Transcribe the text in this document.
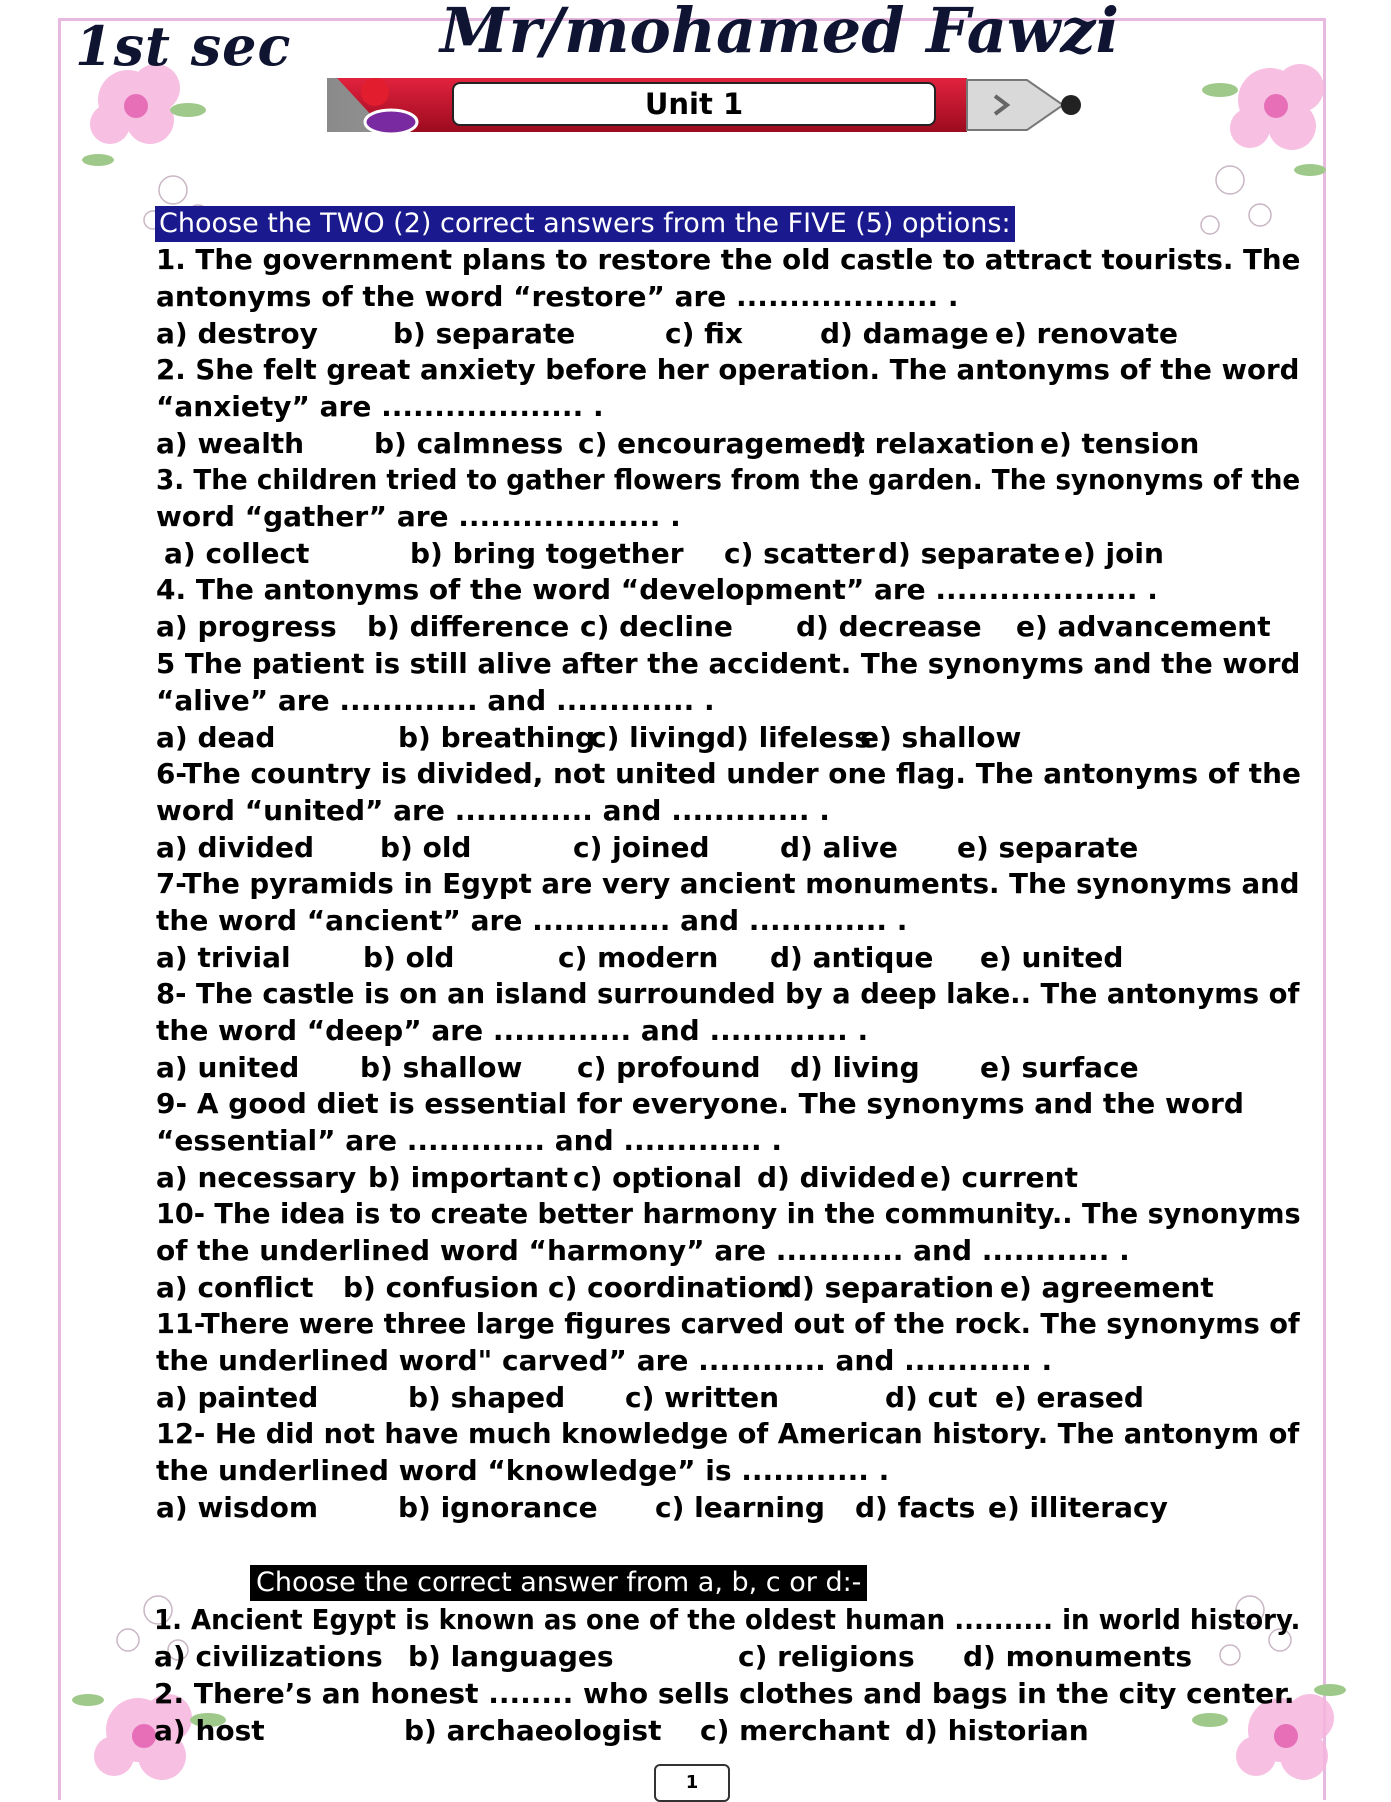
1st sec Mr/mohamed Fawzi
Unit 1
Choose the TWO (2) correct answers from the FIVE (5) options:
1. The government plans to restore the old castle to attract tourists. The
antonyms of the word “restore” are ................... .
a) destroy	b) separate	c) fix	d) damage e) renovate
2. She felt great anxiety before her operation. The antonyms of the word
“anxiety” are ................... .
a) wealth b) calmness c) encouragement
d) relaxation e) tension
3. The children tried to gather flowers from the garden. The synonyms of the
word “gather” are ................... .
a) collect	b) bring together c) scatter d) separate e) join
4. The antonyms of the word “development” are ................... .
a) progress b) difference c) decline d) decrease e) advancement
5 The patient is still alive after the accident. The synonyms and the word
“alive” are ............. and ............. .
a) dead	b) breathing
c) living d) lifeless
e) shallow
6-The country is divided, not united under one flag. The antonyms of the
word “united” are ............. and ............. .
a) divided b) old	c) joined	d) alive e) separate
7-The pyramids in Egypt are very ancient monuments. The synonyms and
the word “ancient” are ............. and ............. .
a) trivial	b) old	c) modern d) antique e) united
8- The castle is on an island surrounded by a deep lake.. The antonyms of
the word “deep” are ............. and ............. .
a) united b) shallow c) profound d) living e) surface
9- A good diet is essential for everyone. The synonyms and the word
“essential” are ............. and ............. .
a) necessary b) important c) optional d) divided e) current
10- The idea is to create better harmony in the community.. The synonyms
of the underlined word “harmony” are ............ and ............ .
a) conflict b) confusion c) coordination
d) separation e) agreement
11-There were three large figures carved out of the rock. The synonyms of
the underlined word" carved” are ............ and ............ .
a) painted	b) shaped c) written	d) cut e) erased
12- He did not have much knowledge of American history. The antonym of
the underlined word “knowledge” is ............ .
a) wisdom	b) ignorance c) learning d) facts e) illiteracy
Choose the correct answer from a, b, c or d:-
1. Ancient Egypt is known as one of the oldest human .......... in world history.
a) civilizations b) languages	c) religions d) monuments
2. There’s an honest ........ who sells clothes and bags in the city center.
a) host	b) archaeologist c) merchant d) historian
1
